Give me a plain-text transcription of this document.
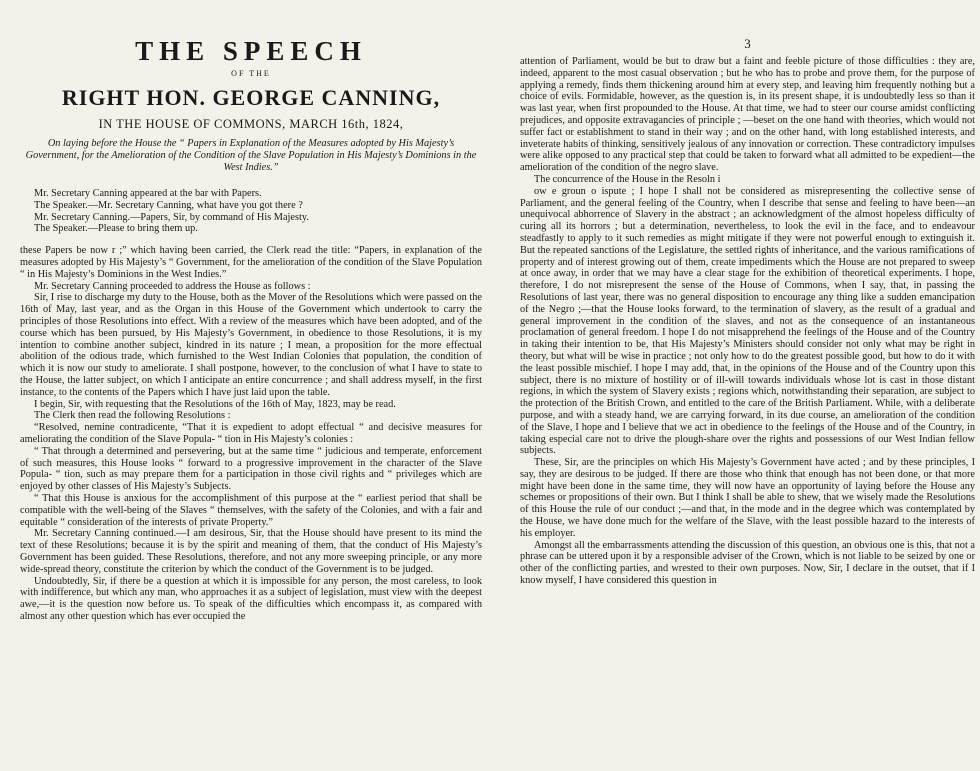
THE SPEECH
OF THE
RIGHT HON. GEORGE CANNING,
IN THE HOUSE OF COMMONS, MARCH 16th, 1824,
On laying before the House the “ Papers in Explanation of the Measures adopted by His Majesty’s Government, for the Amelioration of the Condition of the Slave Population in His Majesty’s Dominions in the West Indies.”

Mr. Secretary Canning appeared at the bar with Papers.

The Speaker.—Mr. Secretary Canning, what have you got there ?

Mr. Secretary Canning.—Papers, Sir, by command of His Majesty.

The Speaker.—Please to bring them up.

these Papers be now r ;” which having been carried, the Clerk read the title: “Papers, in explanation of the measures adopted by His Majesty’s “ Government, for the amelioration of the condition of the Slave Population “ in His Majesty’s Dominions in the West Indies.”

Mr. Secretary Canning proceeded to address the House as follows :

Sir, I rise to discharge my duty to the House, both as the Mover of the Resolutions which were passed on the 16th of May, last year, and as the Organ in this House of the Government which undertook to carry the principles of those Resolutions into effect. With a review of the measures which have been adopted, and of the course which has been pursued, by His Majesty’s Government, in obedience to those Resolutions, it is my intention to combine another subject, kindred in its nature ; I mean, a proposition for the more effectual abolition of the odious trade, which furnished to the West Indian Colonies that population, the condition of which it is now our study to ameliorate. I shall postpone, however, to the conclusion of what I have to state to the House, the latter subject, on which I anticipate an entire concurrence ; and shall address myself, in the first instance, to the contents of the Papers which I have just laid upon the table.

I begin, Sir, with requesting that the Resolutions of the 16th of May, 1823, may be read.

The Clerk then read the following Resolutions :

“Resolved, nemine contradicente, “That it is expedient to adopt effectual “ and decisive measures for ameliorating the condition of the Slave Popula- “ tion in His Majesty’s colonies :

“ That through a determined and persevering, but at the same time “ judicious and temperate, enforcement of such measures, this House looks “ forward to a progressive improvement in the character of the Slave Popula- “ tion, such as may prepare them for a participation in those civil rights and “ privileges which are enjoyed by other classes of His Majesty’s Subjects.

“ That this House is anxious for the accomplishment of this purpose at the “ earliest period that shall be compatible with the well-being of the Slaves “ themselves, with the safety of the Colonies, and with a fair and equitable “ consideration of the interests of private Property.”

Mr. Secretary Canning continued.—I am desirous, Sir, that the House should have present to its mind the text of these Resolutions; because it is by the spirit and meaning of them, that the conduct of His Majesty’s Government has been guided. These Resolutions, therefore, and not any more sweeping principle, or any more wide-spread theory, constitute the criterion by which the conduct of the Government is to be judged.

Undoubtedly, Sir, if there be a question at which it is impossible for any person, the most careless, to look with indifference, but which any man, who approaches it as a subject of legislation, must view with the deepest awe,—it is the question now before us. To speak of the difficulties which encompass it, as compared with almost any other question which has ever occupied the

3

attention of Parliament, would be but to draw but a faint and feeble picture of those difficulties : they are, indeed, apparent to the most casual observation ; but he who has to probe and prove them, for the purpose of applying a remedy, finds them thickening around him at every step, and leaving him frequently nothing but a choice of evils. Formidable, however, as the question is, in its present shape, it is undoubtedly less so than it was last year, when first propounded to the House. At that time, we had to steer our course amidst conflicting prejudices, and opposite extravagancies of principle ; —beset on the one hand with theories, which would not suffer fact or establishment to stand in their way ; and on the other hand, with long established interests, and inveterate habits of thinking, sensitively jealous of any innovation or correction. These contradictory impulses were alike opposed to any practical step that could be taken to forward what all admitted to be expedient—the amelioration of the condition of the negro slave.

The concurrence of the House in the Resoln i

ow e groun o ispute ; I hope I shall not be considered as misrepresenting the collective sense of Parliament, and the general feeling of the Country, when I describe that sense and feeling to have been—an unequivocal abhorrence of Slavery in the abstract ; an acknowledgment of the almost hopeless difficulty of curing all its horrors ; but a determination, nevertheless, to look the evil in the face, and to endeavour steadfastly to apply to it such remedies as might mitigate if they were not powerful enough to extinguish it. But the repeated sanctions of the Legislature, the settled rights of inheritance, and the various ramifications of property and of interest growing out of them, create impediments which the House are not prepared to sweep at once away, in order that we may have a clear stage for the exhibition of theoretical experiments. I hope, therefore, I do not misrepresent the sense of the House of Commons, when I say, that, in passing the Resolutions of last year, there was no general disposition to encourage any thing like a sudden emancipation of the Negro ;—that the House looks forward, to the termination of slavery, as the result of a gradual and general improvement in the condition of the slaves, and not as the consequence of an instantaneous proclamation of general freedom. I hope I do not misapprehend the feelings of the House and of the Country in taking their intention to be, that His Majesty’s Ministers should consider not only what may be right in theory, but what will be wise in practice ; not only how to do the greatest possible good, but how to do it with the least possible mischief. I hope I may add, that, in the opinions of the House and of the Country upon this subject, there is no mixture of hostility or of ill-will towards individuals whose lot is cast in those distant regions, in which the system of Slavery exists ; regions which, notwithstanding their separation, are subject to the protection of the British Crown, and entitled to the care of the British Parliament. While, with a deliberate purpose, and with a steady hand, we are carrying forward, in its due course, an amelioration of the condition of the Slave, I hope and I believe that we act in obedience to the feelings of the House and of the Country, in taking especial care not to drive the plough-share over the rights and possessions of our West Indian fellow subjects.

These, Sir, are the principles on which His Majesty’s Government have acted ; and by these principles, I say, they are desirous to be judged. If there are those who think that enough has not been done, or that more might have been done in the same time, they will now have an opportunity of laying before the House any schemes or propositions of their own. But I think I shall be able to shew, that we wisely made the Resolutions of this House the rule of our conduct ;—and that, in the mode and in the degree which was contemplated by the House, we have done much for the welfare of the Slave, with the least possible hazard to the interests of his employer.

Amongst all the embarrassments attending the discussion of this question, an obvious one is this, that not a phrase can be uttered upon it by a responsible adviser of the Crown, which is not liable to be seized by one or other of the conflicting parties, and wrested to their own purposes. Now, Sir, I declare in the outset, that if I know myself, I have considered this question in
